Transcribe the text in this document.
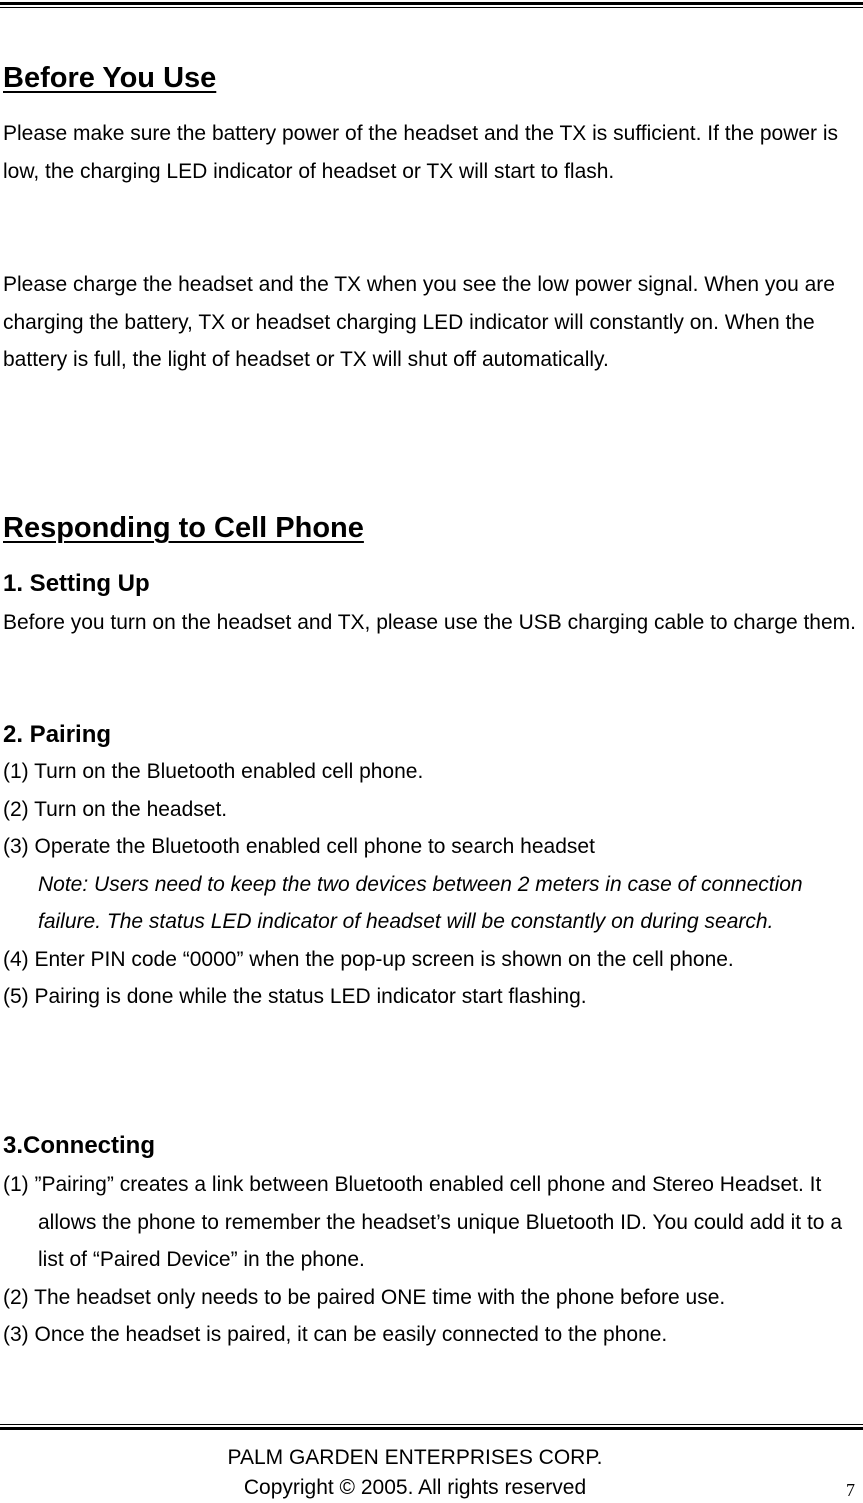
Before You Use

Please make sure the battery power of the headset and the TX is sufficient. If the power is low, the charging LED indicator of headset or TX will start to flash.

Please charge the headset and the TX when you see the low power signal. When you are charging the battery, TX or headset charging LED indicator will constantly on. When the battery is full, the light of headset or TX will shut off automatically.

Responding to Cell Phone
1. Setting Up

Before you turn on the headset and TX, please use the USB charging cable to charge them.

2. Pairing
(1) Turn on the Bluetooth enabled cell phone.
(2) Turn on the headset.
(3) Operate the Bluetooth enabled cell phone to search headset
Note: Users need to keep the two devices between 2 meters in case of connection failure. The status LED indicator of headset will be constantly on during search.
(4) Enter PIN code “0000” when the pop-up screen is shown on the cell phone.
(5) Pairing is done while the status LED indicator start flashing.
3.Connecting
(1) ”Pairing” creates a link between Bluetooth enabled cell phone and Stereo Headset. It allows the phone to remember the headset’s unique Bluetooth ID. You could add it to a list of “Paired Device” in the phone.
(2) The headset only needs to be paired ONE time with the phone before use.
(3) Once the headset is paired, it can be easily connected to the phone.
PALM GARDEN ENTERPRISES CORP.
Copyright © 2005. All rights reserved	7
